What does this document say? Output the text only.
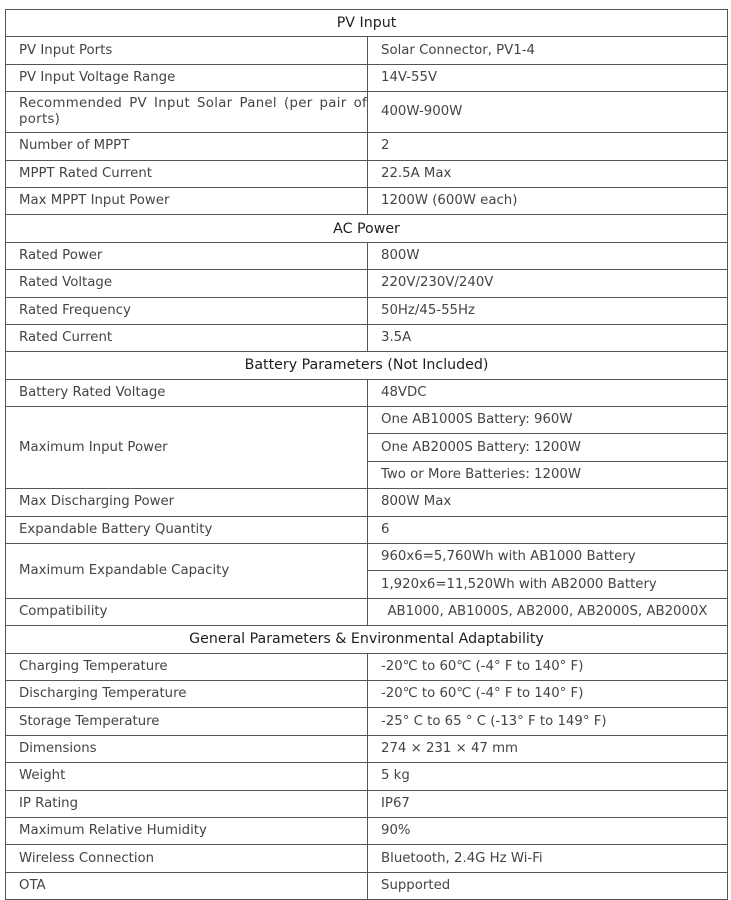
PV Input	
PV Input Ports	Solar Connector, PV1-4
PV Input Voltage Range	14V-55V
Recommended PV Input Solar Panel (per pair of ports)	400W-900W
Number of MPPT	2
MPPT Rated Current	22.5A Max
Max MPPT Input Power	1200W (600W each)
AC Power	
Rated Power	800W
Rated Voltage	220V/230V/240V
Rated Frequency	50Hz/45-55Hz
Rated Current	3.5A
Battery Parameters (Not Included)	
Battery Rated Voltage	48VDC
Maximum Input Power	One AB1000S Battery: 960W
	One AB2000S Battery: 1200W
	Two or More Batteries: 1200W
Max Discharging Power	800W Max
Expandable Battery Quantity	6
Maximum Expandable Capacity	960x6=5,760Wh with AB1000 Battery
	1,920x6=11,520Wh with AB2000 Battery
Compatibility	AB1000, AB1000S, AB2000, AB2000S, AB2000X
General Parameters & Environmental Adaptability	
Charging Temperature	-20℃ to 60℃ (-4° F to 140° F)
Discharging Temperature	-20℃ to 60℃ (-4° F to 140° F)
Storage Temperature	-25° C to 65 ° C (-13° F to 149° F)
Dimensions	274 × 231 × 47 mm
Weight	5 kg
IP Rating	IP67
Maximum Relative Humidity	90%
Wireless Connection	Bluetooth, 2.4G Hz Wi-Fi
OTA	Supported
